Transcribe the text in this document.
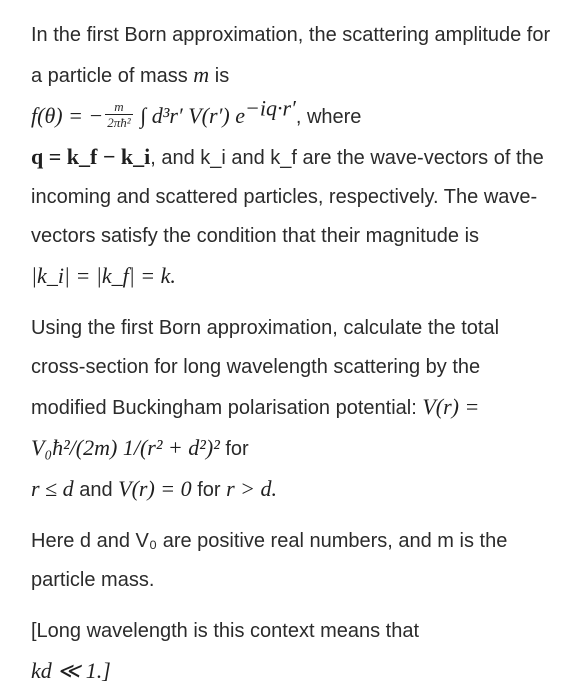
In the first Born approximation, the scattering amplitude for a particle of mass m is
f(θ) = − $\frac{m}{\text{2πħ²}}$ ∫ d³r′ V(r′) $e^{-iq\cdot r'}$, where
q = k_f − k_i, and k_i and k_f are the wave-vectors of the incoming and scattered particles, respectively. The wave-vectors satisfy the condition that their magnitude is
|k_i| = |k_f| = k.

Using the first Born approximation, calculate the total cross-section for long wavelength scattering by the modified Buckingham polarisation potential: V(r) = V₀ħ²/(2m) 1/(r² + d²)² for
r ≤ d and V(r) = 0 for r > d.

Here d and V₀ are positive real numbers, and m is the particle mass.

[Long wavelength is this context means that
kd ≪ 1.]
